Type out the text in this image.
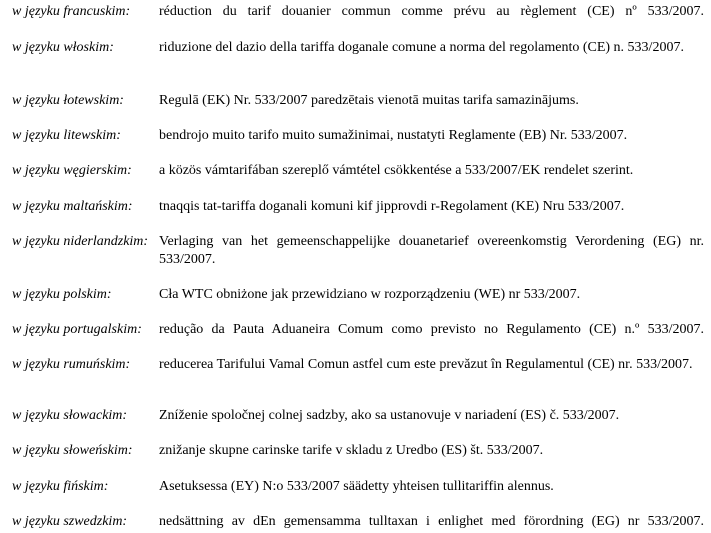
w języku francuskim:	réduction du tarif douanier commun comme prévu au règlement (CE) nº 533/2007.
w języku włoskim:	riduzione del dazio della tariffa doganale comune a norma del regolamento (CE) n. 533/2007.
w języku łotewskim:	Regulā (EK) Nr. 533/2007 paredzētais vienotā muitas tarifa samazinājums.
w języku litewskim:	bendrojo muito tarifo muito sumažinimai, nustatyti Reglamente (EB) Nr. 533/2007.
w języku węgierskim:	a közös vámtarifában szereplő vámtétel csökkentése a 533/2007/EK rendelet szerint.
w języku maltańskim:	tnaqqis tat-tariffa doganali komuni kif jipprovdi r-Regolament (KE) Nru 533/2007.
w języku niderlandzkim: Verlaging van het gemeenschappelijke douanetarief overeenkomstig Verordening (EG) nr. 533/2007.
w języku polskim:	Cła WTC obniżone jak przewidziano w rozporządzeniu (WE) nr 533/2007.
w języku portugalskim:	redução da Pauta Aduaneira Comum como previsto no Regulamento (CE) n.º 533/2007.
w języku rumuńskim:	reducerea Tarifului Vamal Comun astfel cum este prevăzut în Regulamentul (CE) nr. 533/2007.
w języku słowackim:	Zníženie spoločnej colnej sadzby, ako sa ustanovuje v nariadení (ES) č. 533/2007.
w języku słoweńskim:	znižanje skupne carinske tarife v skladu z Uredbo (ES) št. 533/2007.
w języku fińskim:	Asetuksessa (EY) N:o 533/2007 säädetty yhteisen tullitariffin alennus.
w języku szwedzkim:	nedsättning av dEn gemensamma tulltaxan i enlighet med förordning (EG) nr 533/2007.
